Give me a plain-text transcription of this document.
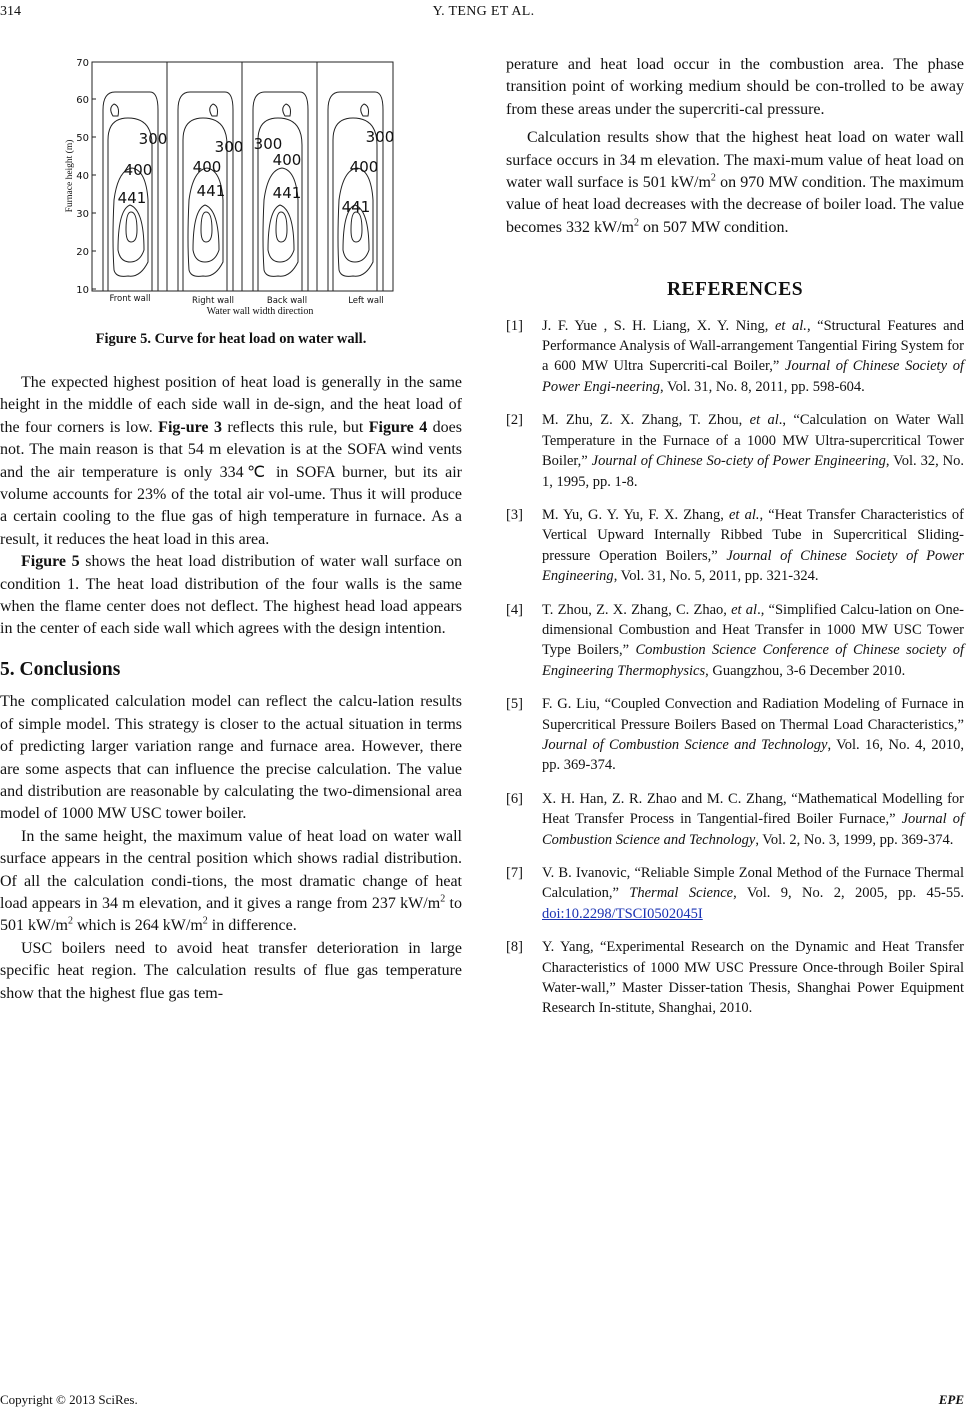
314	Y. TENG ET AL.
70
60
50
40
30
20
10
Furnace height (m)
Front wall	Right wall	Back wall	Left wall
Water wall width direction
300
400
441
300
400
441
300
400
441
300
400
441
Figure 5. Curve for heat load on water wall.

The expected highest position of heat load is generally in the same height in the middle of each side wall in de-sign, and the heat load of the four corners is low. Fig-ure 3 reflects this rule, but Figure 4 does not. The main reason is that 54 m elevation is at the SOFA wind vents and the air temperature is only 334℃ in SOFA burner, but its air volume accounts for 23% of the total air vol-ume. Thus it will produce a certain cooling to the flue gas of high temperature in furnace. As a result, it reduces the heat load in this area.

Figure 5 shows the heat load distribution of water wall surface on condition 1. The heat load distribution of the four walls is the same when the flame center does not deflect. The highest head load appears in the center of each side wall which agrees with the design intention.

5. Conclusions

The complicated calculation model can reflect the calcu-lation results of simple model. This strategy is closer to the actual situation in terms of predicting larger variation range and furnace area. However, there are some aspects that can influence the precise calculation. The value and distribution are reasonable by calculating the two-dimensional area model of 1000 MW USC tower boiler.

In the same height, the maximum value of heat load on water wall surface appears in the central position which shows radial distribution. Of all the calculation condi-tions, the most dramatic change of heat load appears in 34 m elevation, and it gives a range from 237 $kW/m^2$ to 501 $kW/m^2$ which is 264 $kW/m^2$ in difference.

USC boilers need to avoid heat transfer deterioration in large specific heat region. The calculation results of flue gas temperature show that the highest flue gas tem-

perature and heat load occur in the combustion area. The phase transition point of working medium should be con-trolled to be away from these areas under the supercriti-cal pressure.

Calculation results show that the highest heat load on water wall surface occurs in 34 m elevation. The maxi-mum value of heat load on water wall surface is 501 $kW/m^2$ on 970 MW condition. The maximum value of heat load decreases with the decrease of boiler load. The value becomes 332 $kW/m^2$ on 507 MW condition.

REFERENCES
[1]	J. F. Yue , S. H. Liang, X. Y. Ning, et al., “Structural Features and Performance Analysis of Wall-arrangement Tangential Firing System for a 600 MW Ultra Supercriti-cal Boiler,” Journal of Chinese Society of Power Engi-neering, Vol. 31, No. 8, 2011, pp. 598-604.
[2]	M. Zhu, Z. X. Zhang, T. Zhou, et al., “Calculation on Water Wall Temperature in the Furnace of a 1000 MW Ultra-supercritical Tower Boiler,” Journal of Chinese So-ciety of Power Engineering, Vol. 32, No. 1, 1995, pp. 1-8.
[3]	M. Yu, G. Y. Yu, F. X. Zhang, et al., “Heat Transfer Characteristics of Vertical Upward Internally Ribbed Tube in Supercritical Sliding-pressure Operation Boilers,” Journal of Chinese Society of Power Engineering, Vol. 31, No. 5, 2011, pp. 321-324.
[4]	T. Zhou, Z. X. Zhang, C. Zhao, et al., “Simplified Calcu-lation on One-dimensional Combustion and Heat Transfer in 1000 MW USC Tower Type Boilers,” Combustion Science Conference of Chinese society of Engineering Thermophysics, Guangzhou, 3-6 December 2010.
[5]	F. G. Liu, “Coupled Convection and Radiation Modeling of Furnace in Supercritical Pressure Boilers Based on Thermal Load Characteristics,” Journal of Combustion Science and Technology, Vol. 16, No. 4, 2010, pp. 369-374.
[6]	X. H. Han, Z. R. Zhao and M. C. Zhang, “Mathematical Modelling for Heat Transfer Process in Tangential-fired Boiler Furnace,” Journal of Combustion Science and Technology, Vol. 2, No. 3, 1999, pp. 369-374.
[7]	V. B. Ivanovic, “Reliable Simple Zonal Method of the Furnace Thermal Calculation,” Thermal Science, Vol. 9, No. 2, 2005, pp. 45-55. doi:10.2298/TSCI0502045I
[8]	Y. Yang, “Experimental Research on the Dynamic and Heat Transfer Characteristics of 1000 MW USC Pressure Once-through Boiler Spiral Water-wall,” Master Disser-tation Thesis, Shanghai Power Equipment Research In-stitute, Shanghai, 2010.
Copyright © 2013 SciRes.	EPE
